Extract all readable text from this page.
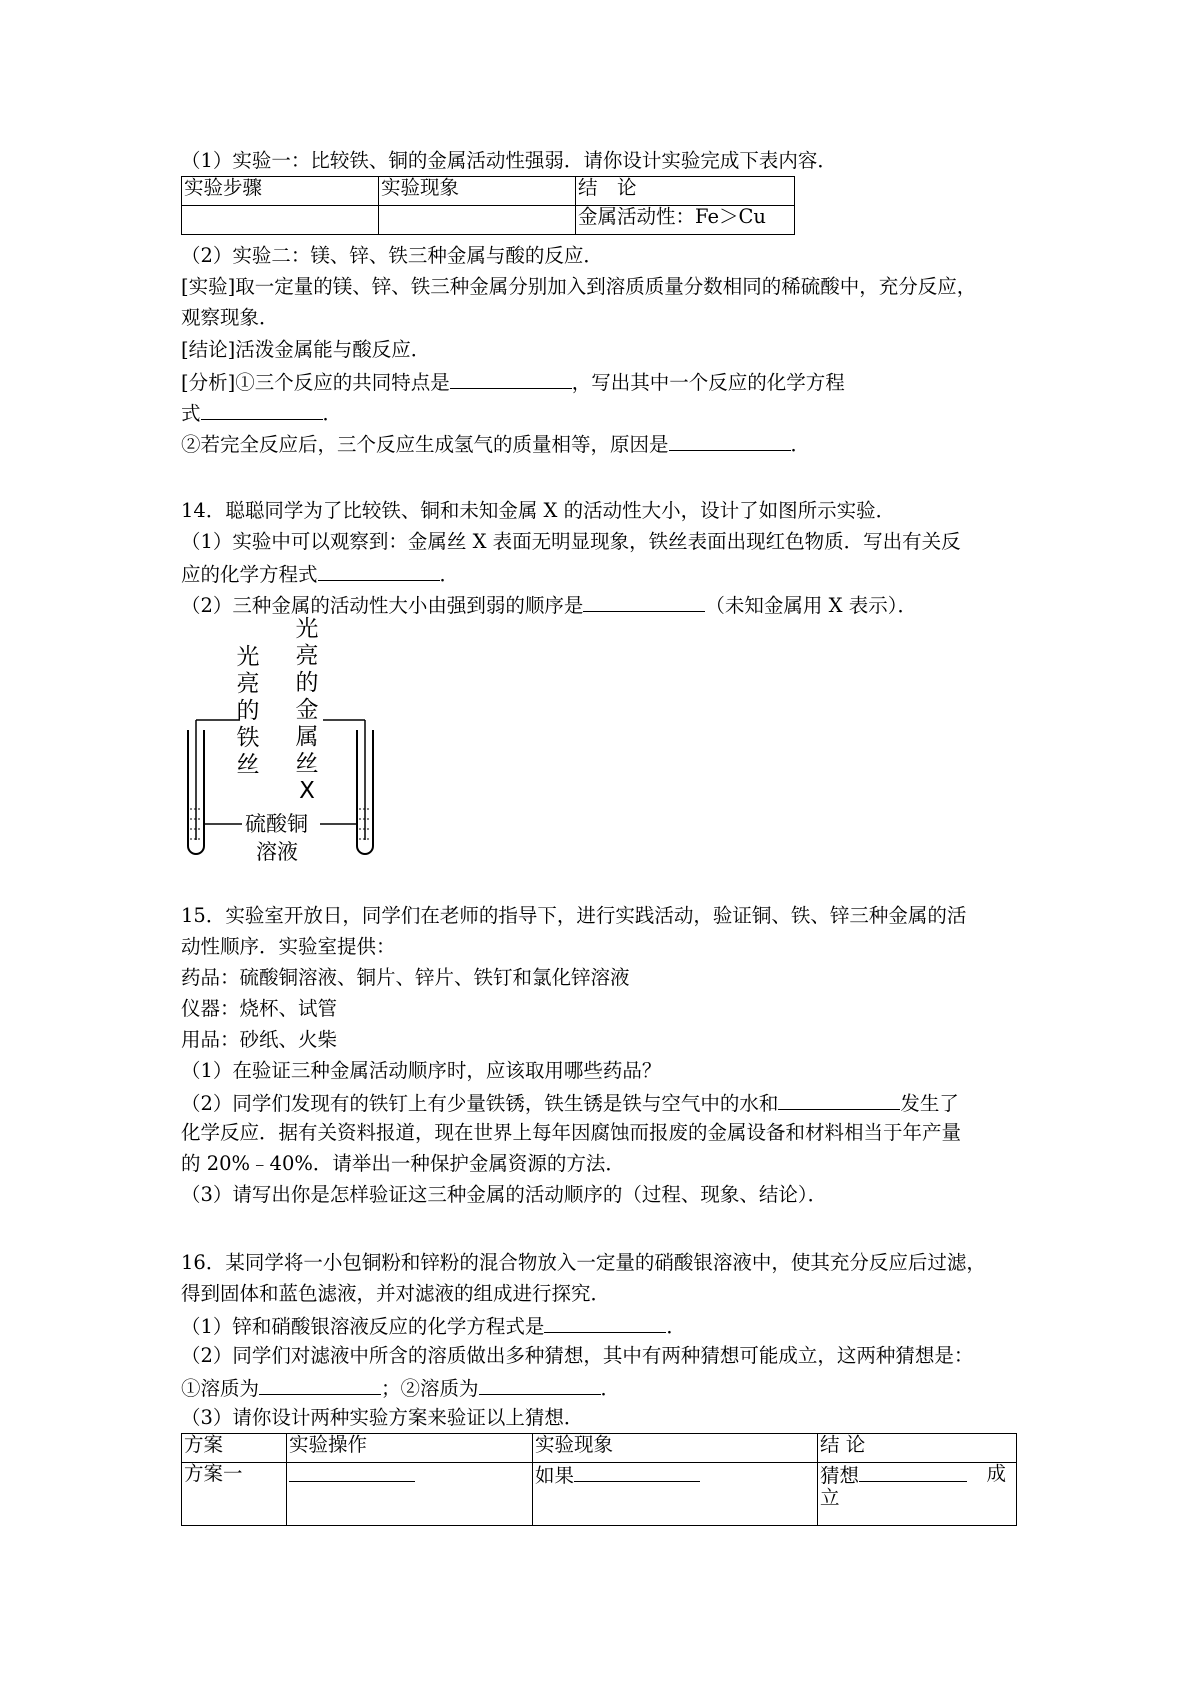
（1）实验一：比较铁、铜的金属活动性强弱．请你设计实验完成下表内容．
实验步骤	实验现象	结　论
		金属活动性：Fe＞Cu
（2）实验二：镁、锌、铁三种金属与酸的反应．
[实验]取一定量的镁、锌、铁三种金属分别加入到溶质质量分数相同的稀硫酸中，充分反应，
观察现象．
[结论]活泼金属能与酸反应．
[分析]①三个反应的共同特点是	，写出其中一个反应的化学方程
式	．
②若完全反应后，三个反应生成氢气的质量相等，原因是	．
14．聪聪同学为了比较铁、铜和未知金属 X 的活动性大小，设计了如图所示实验．
（1）实验中可以观察到：金属丝 X 表面无明显现象，铁丝表面出现红色物质．写出有关反
应的化学方程式	．
（2）三种金属的活动性大小由强到弱的顺序是	（未知金属用 X 表示）．
光亮的铁丝
光亮的金属丝X
硫酸铜
溶液
15．实验室开放日，同学们在老师的指导下，进行实践活动，验证铜、铁、锌三种金属的活
动性顺序．实验室提供：
药品：硫酸铜溶液、铜片、锌片、铁钉和氯化锌溶液
仪器：烧杯、试管
用品：砂纸、火柴
（1）在验证三种金属活动顺序时，应该取用哪些药品？
（2）同学们发现有的铁钉上有少量铁锈，铁生锈是铁与空气中的水和	发生了
化学反应．据有关资料报道，现在世界上每年因腐蚀而报废的金属设备和材料相当于年产量
的 20%﹣40%．请举出一种保护金属资源的方法．
（3）请写出你是怎样验证这三种金属的活动顺序的（过程、现象、结论）．
16．某同学将一小包铜粉和锌粉的混合物放入一定量的硝酸银溶液中，使其充分反应后过滤，
得到固体和蓝色滤液，并对滤液的组成进行探究．
（1）锌和硝酸银溶液反应的化学方程式是	．
（2）同学们对滤液中所含的溶质做出多种猜想，其中有两种猜想可能成立，这两种猜想是：
①溶质为	；②溶质为	．
（3）请你设计两种实验方案来验证以上猜想．
方案	实验操作	实验现象	结 论
方案一		如果	猜想 成

立
